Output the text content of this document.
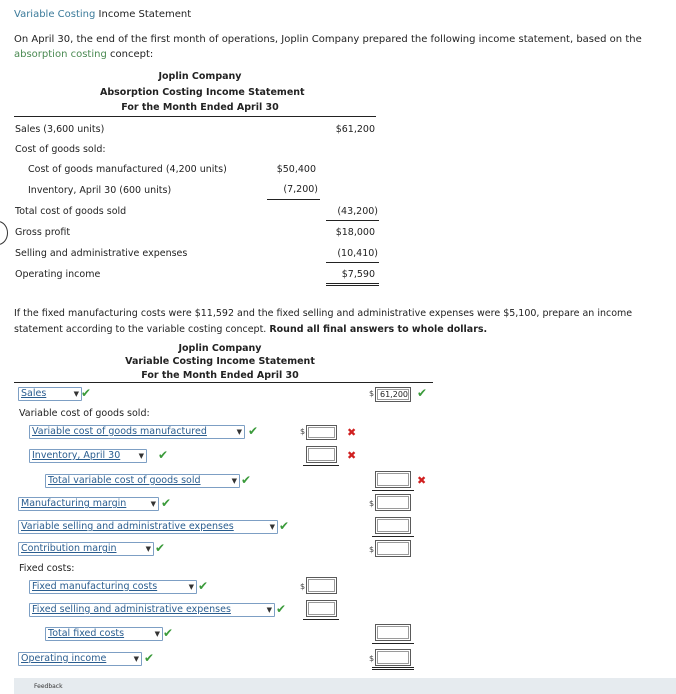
Variable Costing Income Statement
On April 30, the end of the first month of operations, Joplin Company prepared the following income statement, based on the
absorption costing concept:
Joplin Company
Absorption Costing Income Statement
For the Month Ended April 30
Sales (3,600 units)	$61,200
Cost of goods sold:
Cost of goods manufactured (4,200 units)	$50,400
Inventory, April 30 (600 units)	(7,200)
Total cost of goods sold	(43,200)
Gross profit	$18,000
Selling and administrative expenses	(10,410)
Operating income	$7,590
If the fixed manufacturing costs were $11,592 and the fixed selling and administrative expenses were $5,100, prepare an income
statement according to the variable costing concept. Round all final answers to whole dollars.
Joplin Company
Variable Costing Income Statement
For the Month Ended April 30
Sales	▼ ✔	$ 61,200 ✔
Variable cost of goods sold:
Variable cost of goods manufactured	▼ ✔	$	✖
Inventory, April 30	▼ ✔	✖
Total variable cost of goods sold	▼ ✔	✖
Manufacturing margin	▼ ✔	$
Variable selling and administrative expenses	▼ ✔
Contribution margin	▼ ✔	$
Fixed costs:
Fixed manufacturing costs	▼ ✔	$
Fixed selling and administrative expenses	▼ ✔
Total fixed costs	▼ ✔
Operating income	▼ ✔	$
Feedback
